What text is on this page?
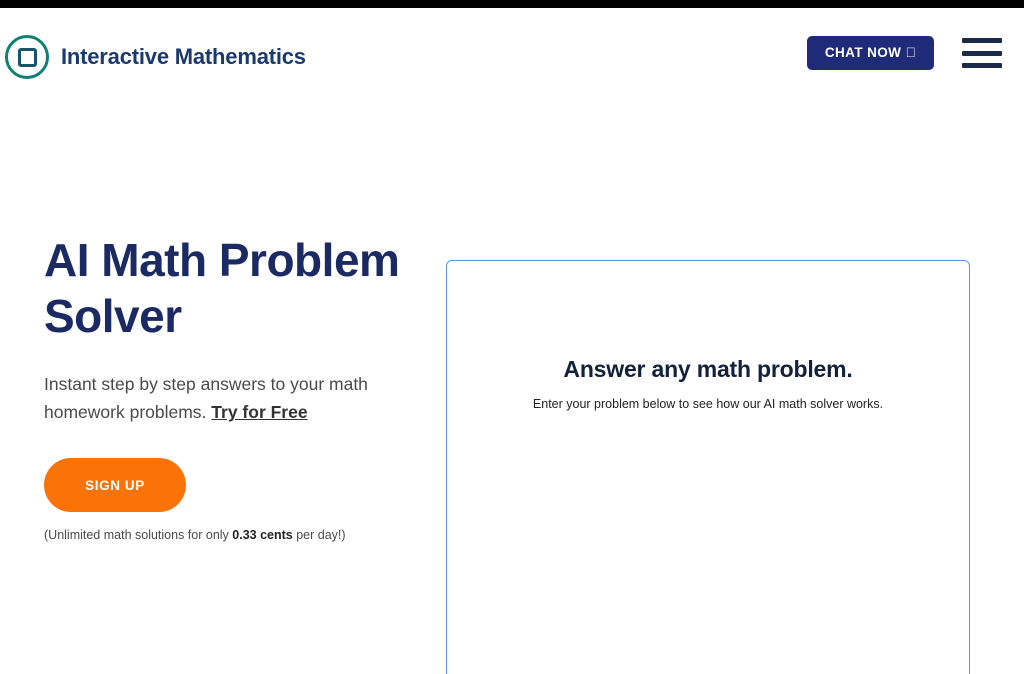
Interactive Mathematics	CHAT NOW
AI Math Problem Solver

Instant step by step answers to your math homework problems. Try for Free

SIGN UP
(Unlimited math solutions for only 0.33 cents per day!)
Answer any math problem.

Enter your problem below to see how our AI math solver works.
